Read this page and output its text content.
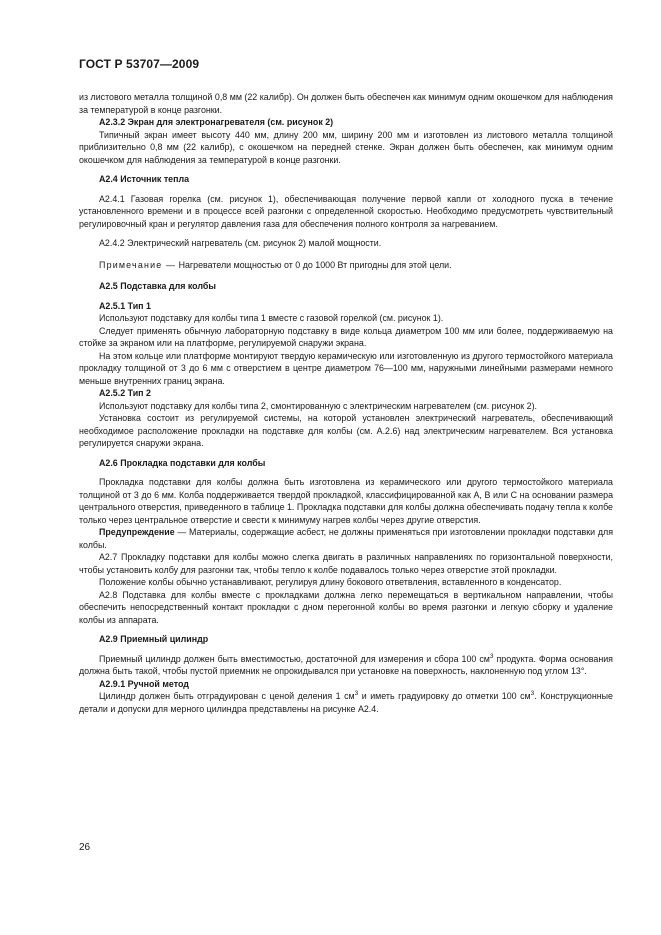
ГОСТ Р 53707—2009

из листового металла толщиной 0,8 мм (22 калибр). Он должен быть обеспечен как минимум одним окошечком для наблюдения за температурой в конце разгонки.

А2.3.2 Экран для электронагревателя (см. рисунок 2)

Типичный экран имеет высоту 440 мм, длину 200 мм, ширину 200 мм и изготовлен из листового металла толщиной приблизительно 0,8 мм (22 калибр), с окошечком на передней стенке. Экран должен быть обеспечен, как минимум одним окошечком для наблюдения за температурой в конце разгонки.

А2.4 Источник тепла

А2.4.1 Газовая горелка (см. рисунок 1), обеспечивающая получение первой капли от холодного пуска в течение установленного времени и в процессе всей разгонки с определенной скоростью. Необходимо предусмотреть чувствительный регулировочный кран и регулятор давления газа для обеспечения полного контроля за нагреванием.

А2.4.2 Электрический нагреватель (см. рисунок 2) малой мощности.

Примечание — Нагреватели мощностью от 0 до 1000 Вт пригодны для этой цели.

А2.5 Подставка для колбы

А2.5.1 Тип 1

Используют подставку для колбы типа 1 вместе с газовой горелкой (см. рисунок 1).

Следует применять обычную лабораторную подставку в виде кольца диаметром 100 мм или более, поддерживаемую на стойке за экраном или на платформе, регулируемой снаружи экрана.

На этом кольце или платформе монтируют твердую керамическую или изготовленную из другого термостойкого материала прокладку толщиной от 3 до 6 мм с отверстием в центре диаметром 76—100 мм, наружными линейными размерами немного меньше внутренних границ экрана.

А2.5.2 Тип 2

Используют подставку для колбы типа 2, смонтированную с электрическим нагревателем (см. рисунок 2).

Установка состоит из регулируемой системы, на которой установлен электрический нагреватель, обеспечивающий необходимое расположение прокладки на подставке для колбы (см. А.2.6) над электрическим нагревателем. Вся установка регулируется снаружи экрана.

А2.6 Прокладка подставки для колбы

Прокладка подставки для колбы должна быть изготовлена из керамического или другого термостойкого материала толщиной от 3 до 6 мм. Колба поддерживается твердой прокладкой, классифицированной как А, В или С на основании размера центрального отверстия, приведенного в таблице 1. Прокладка подставки для колбы должна обеспечивать подачу тепла к колбе только через центральное отверстие и свести к минимуму нагрев колбы через другие отверстия.

Предупреждение — Материалы, содержащие асбест, не должны применяться при изготовлении прокладки подставки для колбы.

А2.7 Прокладку подставки для колбы можно слегка двигать в различных направлениях по горизонтальной поверхности, чтобы установить колбу для разгонки так, чтобы тепло к колбе подавалось только через отверстие этой прокладки.

Положение колбы обычно устанавливают, регулируя длину бокового ответвления, вставленного в конденсатор.

А2.8 Подставка для колбы вместе с прокладками должна легко перемещаться в вертикальном направлении, чтобы обеспечить непосредственный контакт прокладки с дном перегонной колбы во время разгонки и легкую сборку и удаление колбы из аппарата.

А2.9 Приемный цилиндр

Приемный цилиндр должен быть вместимостью, достаточной для измерения и сбора 100 $см^3$ продукта. Форма основания должна быть такой, чтобы пустой приемник не опрокидывался при установке на поверхность, наклоненную под углом 13°.

А2.9.1 Ручной метод

Цилиндр должен быть отградуирован с ценой деления 1 $см^3$ и иметь градуировку до отметки 100 $см^3$. Конструкционные детали и допуски для мерного цилиндра представлены на рисунке А2.4.

26
